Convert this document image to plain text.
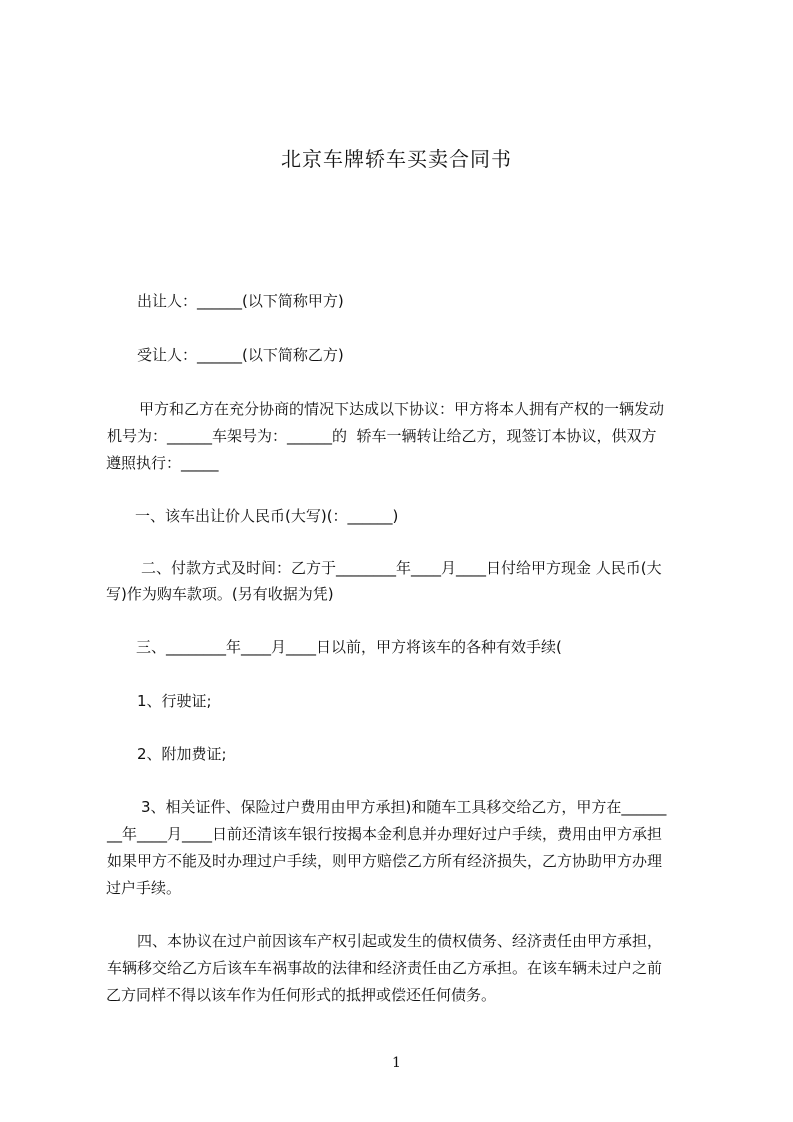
北京车牌轿车买卖合同书

出让人：______(以下简称甲方)

受让人：______(以下简称乙方)

甲方和乙方在充分协商的情况下达成以下协议：甲方将本人拥有产权的一辆发动

机号为：______车架号为：______的  轿车一辆转让给乙方，现签订本协议，供双方

遵照执行：_____

一、该车出让价人民币(大写)(：______)

二、付款方式及时间：乙方于________年____月____日付给甲方现金 人民币(大

写)作为购车款项。(另有收据为凭)

三、________年____月____日以前，甲方将该车的各种有效手续(

1、行驶证;

2、附加费证;

3、相关证件、保险过户费用由甲方承担)和随车工具移交给乙方，甲方在______

__年____月____日前还清该车银行按揭本金利息并办理好过户手续，费用由甲方承担

如果甲方不能及时办理过户手续，则甲方赔偿乙方所有经济损失，乙方协助甲方办理

过户手续。

四、本协议在过户前因该车产权引起或发生的债权债务、经济责任由甲方承担，

车辆移交给乙方后该车车祸事故的法律和经济责任由乙方承担。在该车辆未过户之前

乙方同样不得以该车作为任何形式的抵押或偿还任何债务。

1
